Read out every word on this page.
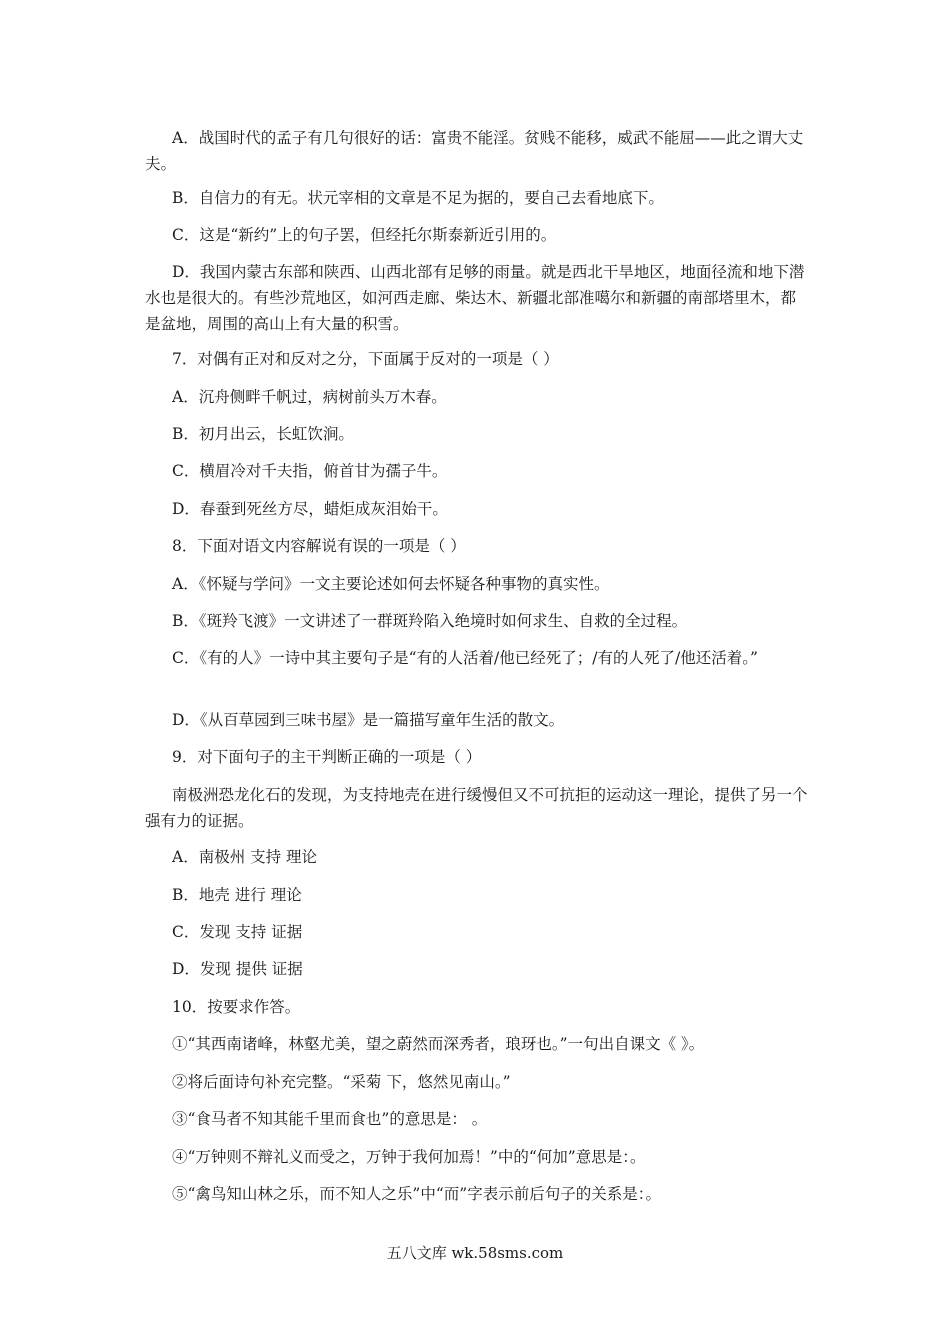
A．战国时代的孟子有几句很好的话：富贵不能淫。贫贱不能移，威武不能屈——此之谓大丈夫。

B．自信力的有无。状元宰相的文章是不足为据的，要自己去看地底下。

C．这是“新约”上的句子罢，但经托尔斯泰新近引用的。

D．我国内蒙古东部和陕西、山西北部有足够的雨量。就是西北干旱地区，地面径流和地下潜水也是很大的。有些沙荒地区，如河西走廊、柴达木、新疆北部准噶尔和新疆的南部塔里木，都是盆地，周围的高山上有大量的积雪。

7．对偶有正对和反对之分，下面属于反对的一项是（ ）

A．沉舟侧畔千帆过，病树前头万木春。

B．初月出云，长虹饮涧。

C．横眉冷对千夫指，俯首甘为孺子牛。

D．春蚕到死丝方尽，蜡炬成灰泪始干。

8．下面对语文内容解说有误的一项是（ ）

A．《怀疑与学问》一文主要论述如何去怀疑各种事物的真实性。

B．《斑羚飞渡》一文讲述了一群斑羚陷入绝境时如何求生、自救的全过程。

C．《有的人》一诗中其主要句子是“有的人活着/他已经死了；/有的人死了/他还活着。”

D．《从百草园到三味书屋》是一篇描写童年生活的散文。

9．对下面句子的主干判断正确的一项是（ ）

南极洲恐龙化石的发现，为支持地壳在进行缓慢但又不可抗拒的运动这一理论，提供了另一个强有力的证据。

A．南极州 支持 理论

B．地壳 进行 理论

C．发现 支持 证据

D．发现 提供 证据

10．按要求作答。

①“其西南诸峰，林壑尤美，望之蔚然而深秀者，琅玡也。”一句出自课文《 》。

②将后面诗句补充完整。“采菊 下，悠然见南山。”

③“食马者不知其能千里而食也”的意思是： 。

④“万钟则不辩礼义而受之，万钟于我何加焉！”中的“何加”意思是：。

⑤“禽鸟知山林之乐，而不知人之乐”中“而”字表示前后句子的关系是：。

五八文库 wk.58sms.com
